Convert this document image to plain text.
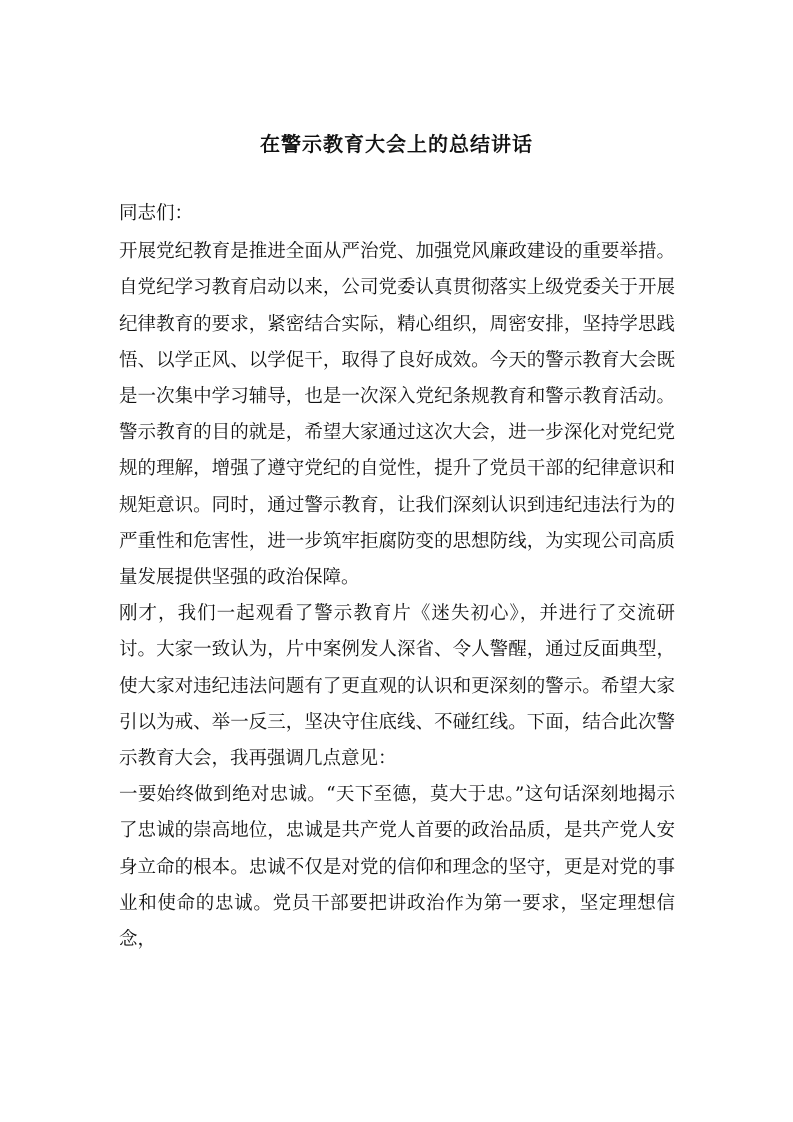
在警示教育大会上的总结讲话

同志们：

开展党纪教育是推进全面从严治党、加强党风廉政建设的重要举措。自党纪学习教育启动以来，公司党委认真贯彻落实上级党委关于开展纪律教育的要求，紧密结合实际，精心组织，周密安排，坚持学思践悟、以学正风、以学促干，取得了良好成效。今天的警示教育大会既是一次集中学习辅导，也是一次深入党纪条规教育和警示教育活动。警示教育的目的就是，希望大家通过这次大会，进一步深化对党纪党规的理解，增强了遵守党纪的自觉性，提升了党员干部的纪律意识和规矩意识。同时，通过警示教育，让我们深刻认识到违纪违法行为的严重性和危害性，进一步筑牢拒腐防变的思想防线，为实现公司高质量发展提供坚强的政治保障。

刚才，我们一起观看了警示教育片《迷失初心》，并进行了交流研讨。大家一致认为，片中案例发人深省、令人警醒，通过反面典型，使大家对违纪违法问题有了更直观的认识和更深刻的警示。希望大家引以为戒、举一反三，坚决守住底线、不碰红线。下面，结合此次警示教育大会，我再强调几点意见：

一要始终做到绝对忠诚。“天下至德，莫大于忠。”这句话深刻地揭示了忠诚的崇高地位，忠诚是共产党人首要的政治品质，是共产党人安身立命的根本。忠诚不仅是对党的信仰和理念的坚守，更是对党的事业和使命的忠诚。党员干部要把讲政治作为第一要求，坚定理想信念，
